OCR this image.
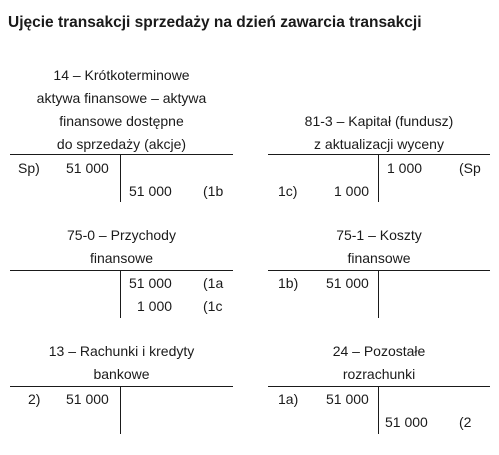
Ujęcie transakcji sprzedaży na dzień zawarcia transakcji
14 – Krótkoterminowe
aktywa finansowe – aktywa
finansowe dostępne
do sprzedaży (akcje)
Sp) 51 000
51 000 (1b
81-3 – Kapitał (fundusz)
z aktualizacji wyceny
1c)	1 000
1 000	(Sp
75-0 – Przychody
finansowe
51 000 (1a
1 000 (1c
75-1 – Koszty
finansowe
1b) 51 000
13 – Rachunki i kredyty
bankowe
2) 51 000
24 – Pozostałe
rozrachunki
1a) 51 000
51 000 (2
